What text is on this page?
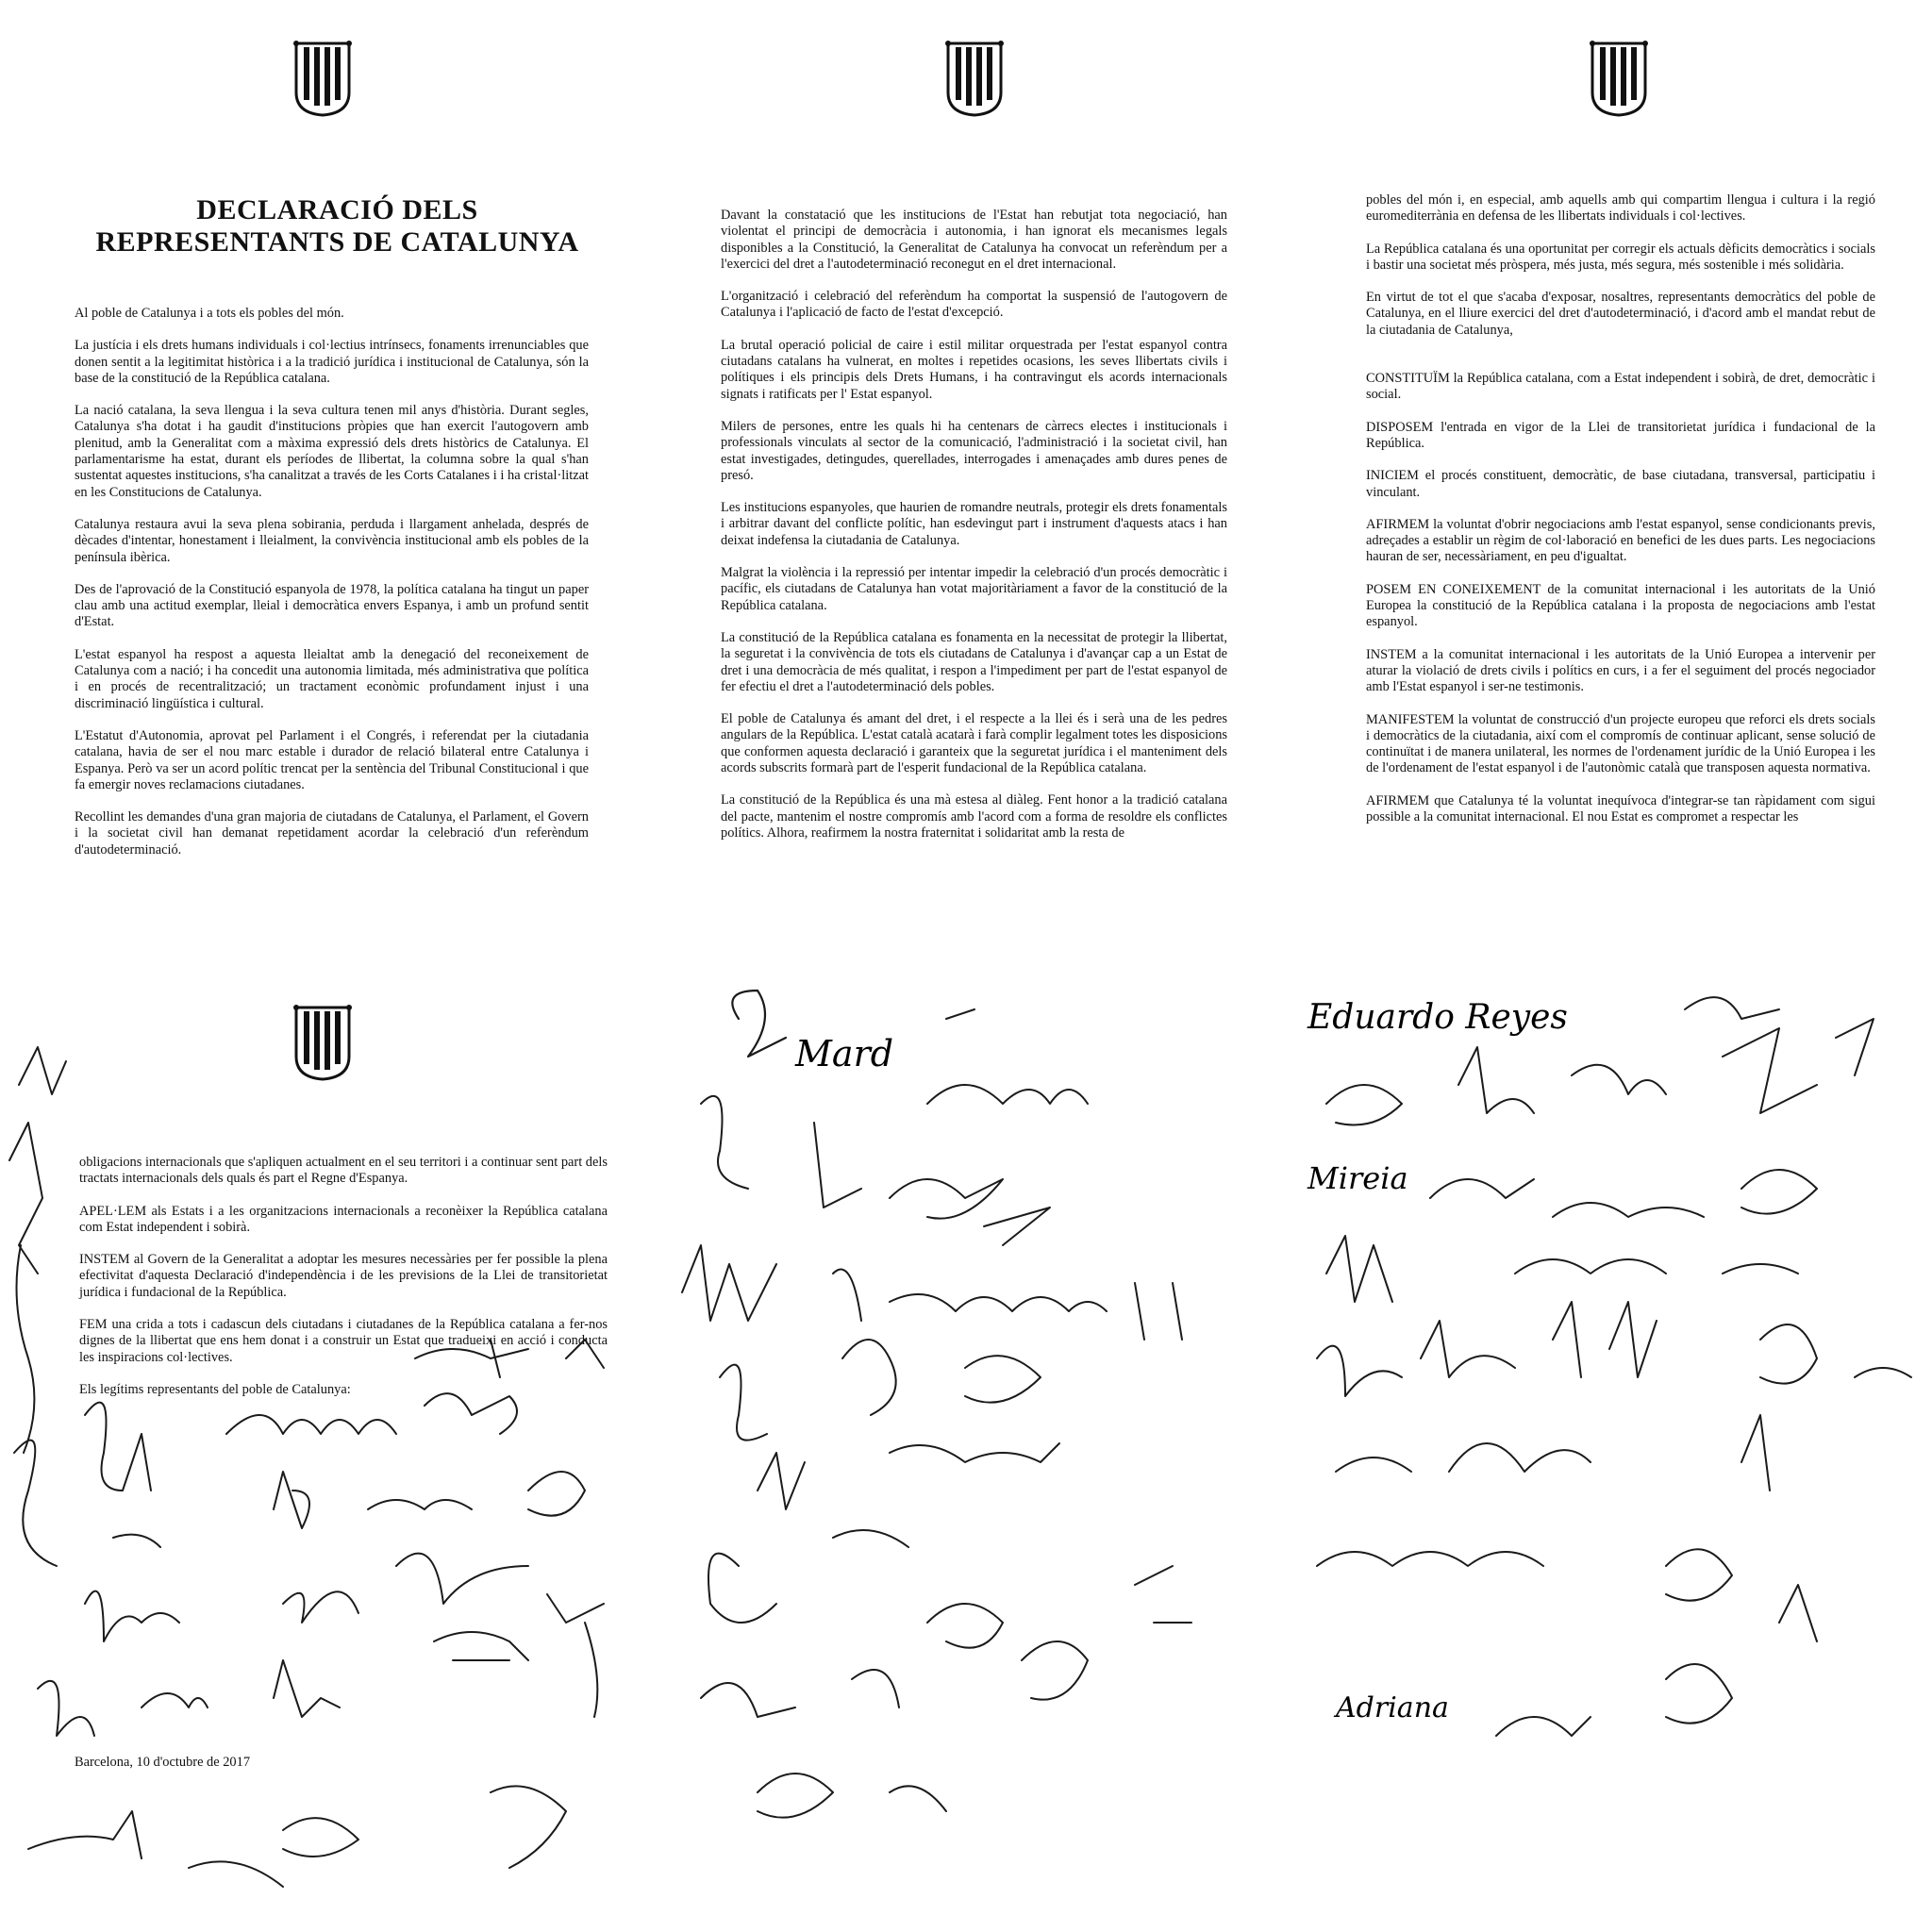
DECLARACIÓ DELS
REPRESENTANTS DE CATALUNYA

Al poble de Catalunya i a tots els pobles del món.

La justícia i els drets humans individuals i col·lectius intrínsecs, fonaments irrenunciables que donen sentit a la legitimitat històrica i a la tradició jurídica i institucional de Catalunya, són la base de la constitució de la República catalana.

La nació catalana, la seva llengua i la seva cultura tenen mil anys d'història. Durant segles, Catalunya s'ha dotat i ha gaudit d'institucions pròpies que han exercit l'autogovern amb plenitud, amb la Generalitat com a màxima expressió dels drets històrics de Catalunya. El parlamentarisme ha estat, durant els períodes de llibertat, la columna sobre la qual s'han sustentat aquestes institucions, s'ha canalitzat a través de les Corts Catalanes i i ha cristal·litzat en les Constitucions de Catalunya.

Catalunya restaura avui la seva plena sobirania, perduda i llargament anhelada, després de dècades d'intentar, honestament i lleialment, la convivència institucional amb els pobles de la península ibèrica.

Des de l'aprovació de la Constitució espanyola de 1978, la política catalana ha tingut un paper clau amb una actitud exemplar, lleial i democràtica envers Espanya, i amb un profund sentit d'Estat.

L'estat espanyol ha respost a aquesta lleialtat amb la denegació del reconeixement de Catalunya com a nació; i ha concedit una autonomia limitada, més administrativa que política i en procés de recentralització; un tractament econòmic profundament injust i una discriminació lingüística i cultural.

L'Estatut d'Autonomia, aprovat pel Parlament i el Congrés, i referendat per la ciutadania catalana, havia de ser el nou marc estable i durador de relació bilateral entre Catalunya i Espanya. Però va ser un acord polític trencat per la sentència del Tribunal Constitucional i que fa emergir noves reclamacions ciutadanes.

Recollint les demandes d'una gran majoria de ciutadans de Catalunya, el Parlament, el Govern i la societat civil han demanat repetidament acordar la celebració d'un referèndum d'autodeterminació.

Davant la constatació que les institucions de l'Estat han rebutjat tota negociació, han violentat el principi de democràcia i autonomia, i han ignorat els mecanismes legals disponibles a la Constitució, la Generalitat de Catalunya ha convocat un referèndum per a l'exercici del dret a l'autodeterminació reconegut en el dret internacional.

L'organització i celebració del referèndum ha comportat la suspensió de l'autogovern de Catalunya i l'aplicació de facto de l'estat d'excepció.

La brutal operació policial de caire i estil militar orquestrada per l'estat espanyol contra ciutadans catalans ha vulnerat, en moltes i repetides ocasions, les seves llibertats civils i polítiques i els principis dels Drets Humans, i ha contravingut els acords internacionals signats i ratificats per l' Estat espanyol.

Milers de persones, entre les quals hi ha centenars de càrrecs electes i institucionals i professionals vinculats al sector de la comunicació, l'administració i la societat civil, han estat investigades, detingudes, querellades, interrogades i amenaçades amb dures penes de presó.

Les institucions espanyoles, que haurien de romandre neutrals, protegir els drets fonamentals i arbitrar davant del conflicte polític, han esdevingut part i instrument d'aquests atacs i han deixat indefensa la ciutadania de Catalunya.

Malgrat la violència i la repressió per intentar impedir la celebració d'un procés democràtic i pacífic, els ciutadans de Catalunya han votat majoritàriament a favor de la constitució de la República catalana.

La constitució de la República catalana es fonamenta en la necessitat de protegir la llibertat, la seguretat i la convivència de tots els ciutadans de Catalunya i d'avançar cap a un Estat de dret i una democràcia de més qualitat, i respon a l'impediment per part de l'estat espanyol de fer efectiu el dret a l'autodeterminació dels pobles.

El poble de Catalunya és amant del dret, i el respecte a la llei és i serà una de les pedres angulars de la República. L'estat català acatarà i farà complir legalment totes les disposicions que conformen aquesta declaració i garanteix que la seguretat jurídica i el manteniment dels acords subscrits formarà part de l'esperit fundacional de la República catalana.

La constitució de la República és una mà estesa al diàleg. Fent honor a la tradició catalana del pacte, mantenim el nostre compromís amb l'acord com a forma de resoldre els conflictes polítics. Alhora, reafirmem la nostra fraternitat i solidaritat amb la resta de

pobles del món i, en especial, amb aquells amb qui compartim llengua i cultura i la regió euromediterrània en defensa de les llibertats individuals i col·lectives.

La República catalana és una oportunitat per corregir els actuals dèficits democràtics i socials i bastir una societat més pròspera, més justa, més segura, més sostenible i més solidària.

En virtut de tot el que s'acaba d'exposar, nosaltres, representants democràtics del poble de Catalunya, en el lliure exercici del dret d'autodeterminació, i d'acord amb el mandat rebut de la ciutadania de Catalunya,

CONSTITUÏM la República catalana, com a Estat independent i sobirà, de dret, democràtic i social.

DISPOSEM l'entrada en vigor de la Llei de transitorietat jurídica i fundacional de la República.

INICIEM el procés constituent, democràtic, de base ciutadana, transversal, participatiu i vinculant.

AFIRMEM la voluntat d'obrir negociacions amb l'estat espanyol, sense condicionants previs, adreçades a establir un règim de col·laboració en benefici de les dues parts. Les negociacions hauran de ser, necessàriament, en peu d'igualtat.

POSEM EN CONEIXEMENT de la comunitat internacional i les autoritats de la Unió Europea la constitució de la República catalana i la proposta de negociacions amb l'estat espanyol.

INSTEM a la comunitat internacional i les autoritats de la Unió Europea a intervenir per aturar la violació de drets civils i polítics en curs, i a fer el seguiment del procés negociador amb l'Estat espanyol i ser-ne testimonis.

MANIFESTEM la voluntat de construcció d'un projecte europeu que reforci els drets socials i democràtics de la ciutadania, així com el compromís de continuar aplicant, sense solució de continuïtat i de manera unilateral, les normes de l'ordenament jurídic de la Unió Europea i les de l'ordenament de l'estat espanyol i de l'autonòmic català que transposen aquesta normativa.

AFIRMEM que Catalunya té la voluntat inequívoca d'integrar-se tan ràpidament com sigui possible a la comunitat internacional. El nou Estat es compromet a respectar les

obligacions internacionals que s'apliquen actualment en el seu territori i a continuar sent part dels tractats internacionals dels quals és part el Regne d'Espanya.

APEL·LEM als Estats i a les organitzacions internacionals a reconèixer la República catalana com Estat independent i sobirà.

INSTEM al Govern de la Generalitat a adoptar les mesures necessàries per fer possible la plena efectivitat d'aquesta Declaració d'independència i de les previsions de la Llei de transitorietat jurídica i fundacional de la República.

FEM una crida a tots i cadascun dels ciutadans i ciutadanes de la República catalana a fer-nos dignes de la llibertat que ens hem donat i a construir un Estat que tradueixi en acció i conducta les inspiracions col·lectives.

Els legítims representants del poble de Catalunya:

Barcelona, 10 d'octubre de 2017
Mard
Eduardo Reyes
Mireia
Adriana
